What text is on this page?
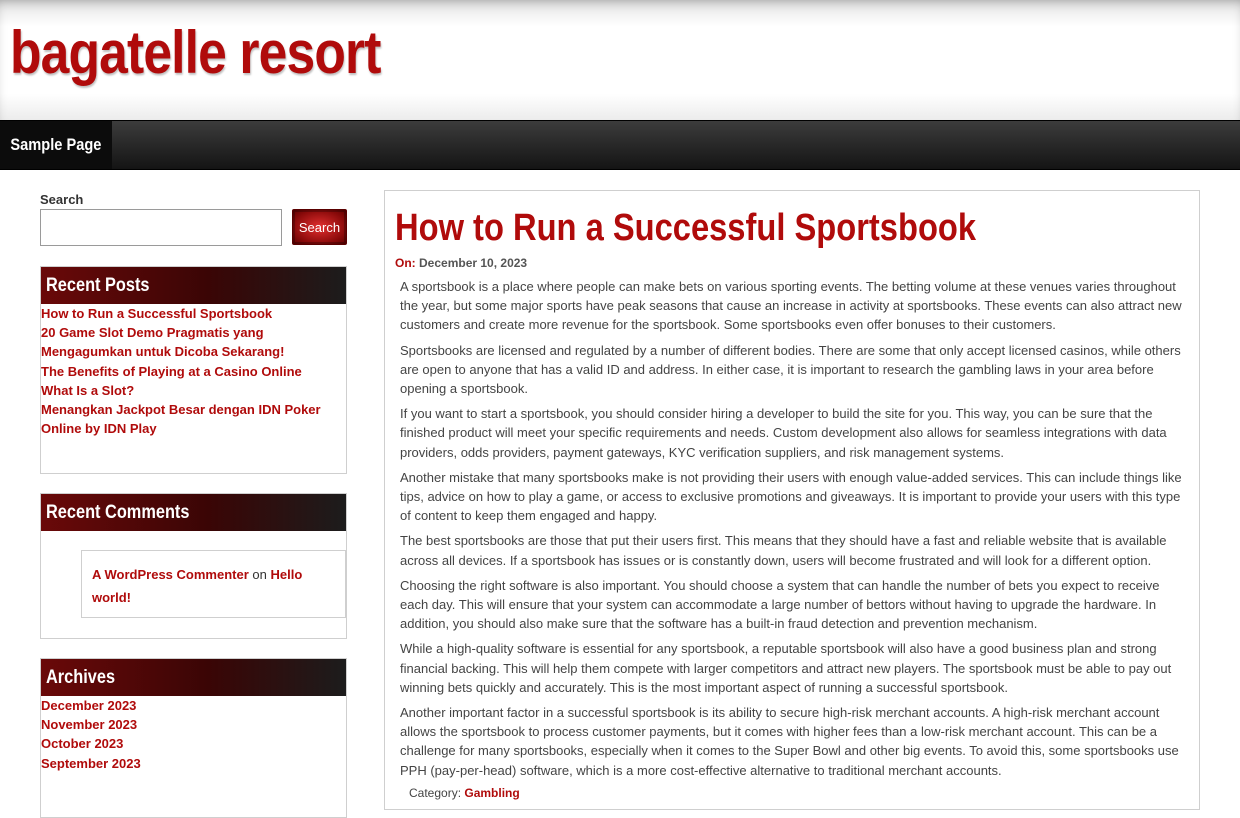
bagatelle resort
Sample Page
Search
Search
Recent Posts
How to Run a Successful Sportsbook
20 Game Slot Demo Pragmatis yang Mengagumkan untuk Dicoba Sekarang!
The Benefits of Playing at a Casino Online
What Is a Slot?
Menangkan Jackpot Besar dengan IDN Poker Online by IDN Play
Recent Comments
A WordPress Commenter on Hello world!
Archives
December 2023
November 2023
October 2023
September 2023
How to Run a Successful Sportsbook
On: December 10, 2023

A sportsbook is a place where people can make bets on various sporting events. The betting volume at these venues varies throughout the year, but some major sports have peak seasons that cause an increase in activity at sportsbooks. These events can also attract new customers and create more revenue for the sportsbook. Some sportsbooks even offer bonuses to their customers.

Sportsbooks are licensed and regulated by a number of different bodies. There are some that only accept licensed casinos, while others are open to anyone that has a valid ID and address. In either case, it is important to research the gambling laws in your area before opening a sportsbook.

If you want to start a sportsbook, you should consider hiring a developer to build the site for you. This way, you can be sure that the finished product will meet your specific requirements and needs. Custom development also allows for seamless integrations with data providers, odds providers, payment gateways, KYC verification suppliers, and risk management systems.

Another mistake that many sportsbooks make is not providing their users with enough value-added services. This can include things like tips, advice on how to play a game, or access to exclusive promotions and giveaways. It is important to provide your users with this type of content to keep them engaged and happy.

The best sportsbooks are those that put their users first. This means that they should have a fast and reliable website that is available across all devices. If a sportsbook has issues or is constantly down, users will become frustrated and will look for a different option.

Choosing the right software is also important. You should choose a system that can handle the number of bets you expect to receive each day. This will ensure that your system can accommodate a large number of bettors without having to upgrade the hardware. In addition, you should also make sure that the software has a built-in fraud detection and prevention mechanism.

While a high-quality software is essential for any sportsbook, a reputable sportsbook will also have a good business plan and strong financial backing. This will help them compete with larger competitors and attract new players. The sportsbook must be able to pay out winning bets quickly and accurately. This is the most important aspect of running a successful sportsbook.

Another important factor in a successful sportsbook is its ability to secure high-risk merchant accounts. A high-risk merchant account allows the sportsbook to process customer payments, but it comes with higher fees than a low-risk merchant account. This can be a challenge for many sportsbooks, especially when it comes to the Super Bowl and other big events. To avoid this, some sportsbooks use PPH (pay-per-head) software, which is a more cost-effective alternative to traditional merchant accounts.

Category: Gambling
